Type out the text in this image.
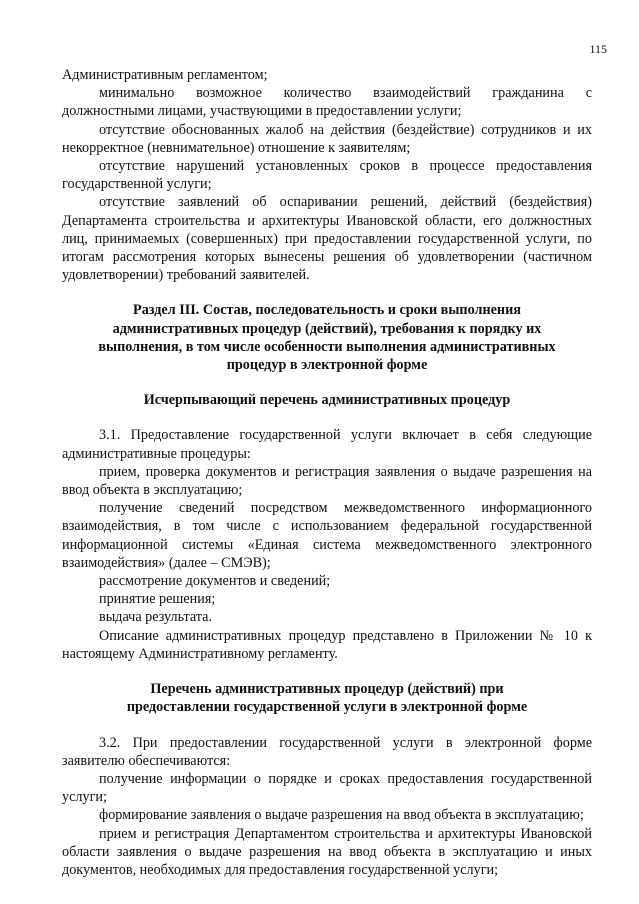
115

Административным регламентом;

минимально возможное количество взаимодействий гражданина с должностными лицами, участвующими в предоставлении услуги;

отсутствие обоснованных жалоб на действия (бездействие) сотрудников и их некорректное (невнимательное) отношение к заявителям;

отсутствие нарушений установленных сроков в процессе предоставления государственной услуги;

отсутствие заявлений об оспаривании решений, действий (бездействия) Департамента строительства и архитектуры Ивановской области, его должностных лиц, принимаемых (совершенных) при предоставлении государственной услуги, по итогам рассмотрения которых вынесены решения об удовлетворении (частичном удовлетворении) требований заявителей.

Раздел III. Состав, последовательность и сроки выполнения административных процедур (действий), требования к порядку их выполнения, в том числе особенности выполнения административных процедур в электронной форме
Исчерпывающий перечень административных процедур

3.1. Предоставление государственной услуги включает в себя следующие административные процедуры:

прием, проверка документов и регистрация заявления о выдаче разрешения на ввод объекта в эксплуатацию;

получение сведений посредством межведомственного информационного взаимодействия, в том числе с использованием федеральной государственной информационной системы «Единая система межведомственного электронного взаимодействия» (далее – СМЭВ);

рассмотрение документов и сведений;

принятие решения;

выдача результата.

Описание административных процедур представлено в Приложении № 10 к настоящему Административному регламенту.

Перечень административных процедур (действий) при предоставлении государственной услуги в электронной форме

3.2. При предоставлении государственной услуги в электронной форме заявителю обеспечиваются:

получение информации о порядке и сроках предоставления государственной услуги;

формирование заявления о выдаче разрешения на ввод объекта в эксплуатацию;

прием и регистрация Департаментом строительства и архитектуры Ивановской области заявления о выдаче разрешения на ввод объекта в эксплуатацию и иных документов, необходимых для предоставления государственной услуги;
